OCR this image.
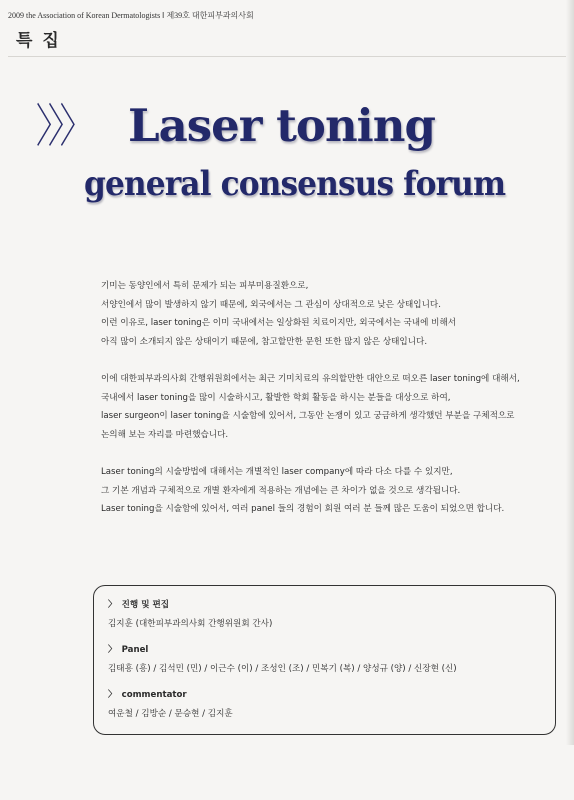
2009 the Association of Korean Dermatologists ‖ 제39호 대한피부과의사회
특 집
〉〉〉 Laser toning
general consensus forum

기미는 동양인에서 특히 문제가 되는 피부미용질환으로,
서양인에서 많이 발생하지 않기 때문에, 외국에서는 그 관심이 상대적으로 낮은 상태입니다.
이런 이유로, laser toning은 이미 국내에서는 일상화된 치료이지만, 외국에서는 국내에 비해서
아직 많이 소개되지 않은 상태이기 때문에, 참고할만한 문헌 또한 많지 않은 상태입니다.

이에 대한피부과의사회 간행위원회에서는 최근 기미치료의 유의할만한 대안으로 떠오른 laser toning에 대해서,
국내에서 laser toning을 많이 시술하시고, 활발한 학회 활동을 하시는 분들을 대상으로 하여,
laser surgeon이 laser toning을 시술함에 있어서, 그동안 논쟁이 있고 궁금하게 생각했던 부분을 구체적으로
논의해 보는 자리를 마련했습니다.

Laser toning의 시술방법에 대해서는 개별적인 laser company에 따라 다소 다를 수 있지만,
그 기본 개념과 구체적으로 개별 환자에게 적용하는 개념에는 큰 차이가 없을 것으로 생각됩니다.
Laser toning을 시술함에 있어서, 여러 panel 들의 경험이 회원 여러 분 들께 많은 도움이 되었으면 합니다.

〉 진행 및 편집
김지훈 (대한피부과의사회 간행위원회 간사)
〉 Panel
김태흥 (흥) / 김석민 (민) / 이근수 (이) / 조성인 (조) / 민복기 (복) / 양성규 (양) / 신장현 (신)
〉 commentator
여운철 / 김방순 / 문승현 / 김지훈
